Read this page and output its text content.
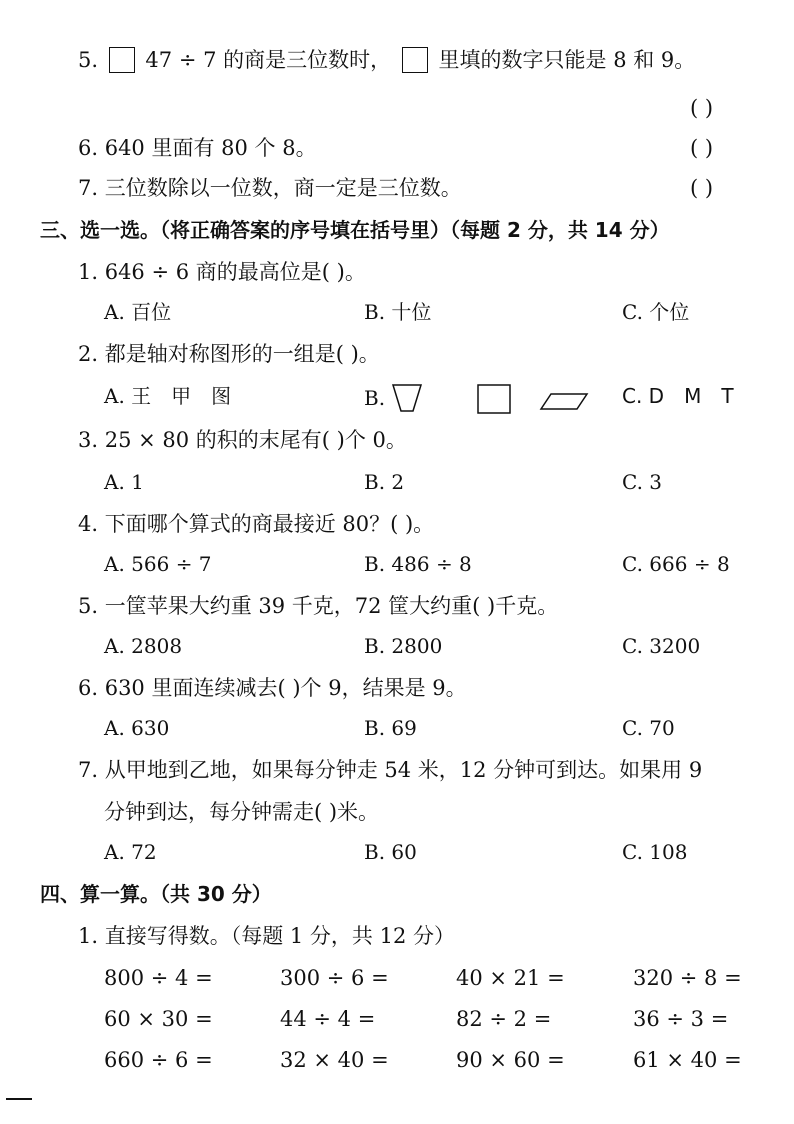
5. 47 ÷ 7 的商是三位数时， 里填的数字只能是 8 和 9。
( )
6. 640 里面有 80 个 8。	( )
7. 三位数除以一位数，商一定是三位数。	( )
三、选一选。（将正确答案的序号填在括号里）（每题 2 分，共 14 分）
1. 646 ÷ 6 商的最高位是( )。
A. 百位	B. 十位	C. 个位
2. 都是轴对称图形的一组是( )。
A. 王　甲　图	B.	C. D　M　T
3. 25 × 80 的积的末尾有( )个 0。
A. 1	B. 2	C. 3
4. 下面哪个算式的商最接近 80？( )。
A. 566 ÷ 7	B. 486 ÷ 8	C. 666 ÷ 8
5. 一筐苹果大约重 39 千克，72 筐大约重( )千克。
A. 2808	B. 2800	C. 3200
6. 630 里面连续减去( )个 9，结果是 9。
A. 630	B. 69	C. 70
7. 从甲地到乙地，如果每分钟走 54 米，12 分钟可到达。如果用 9
分钟到达，每分钟需走( )米。
A. 72	B. 60	C. 108
四、算一算。（共 30 分）
1. 直接写得数。（每题 1 分，共 12 分）
800 ÷ 4 =	300 ÷ 6 =	40 × 21 =	320 ÷ 8 =
60 × 30 =	44 ÷ 4 =	82 ÷ 2 =	36 ÷ 3 =
660 ÷ 6 =	32 × 40 =	90 × 60 =	61 × 40 =
